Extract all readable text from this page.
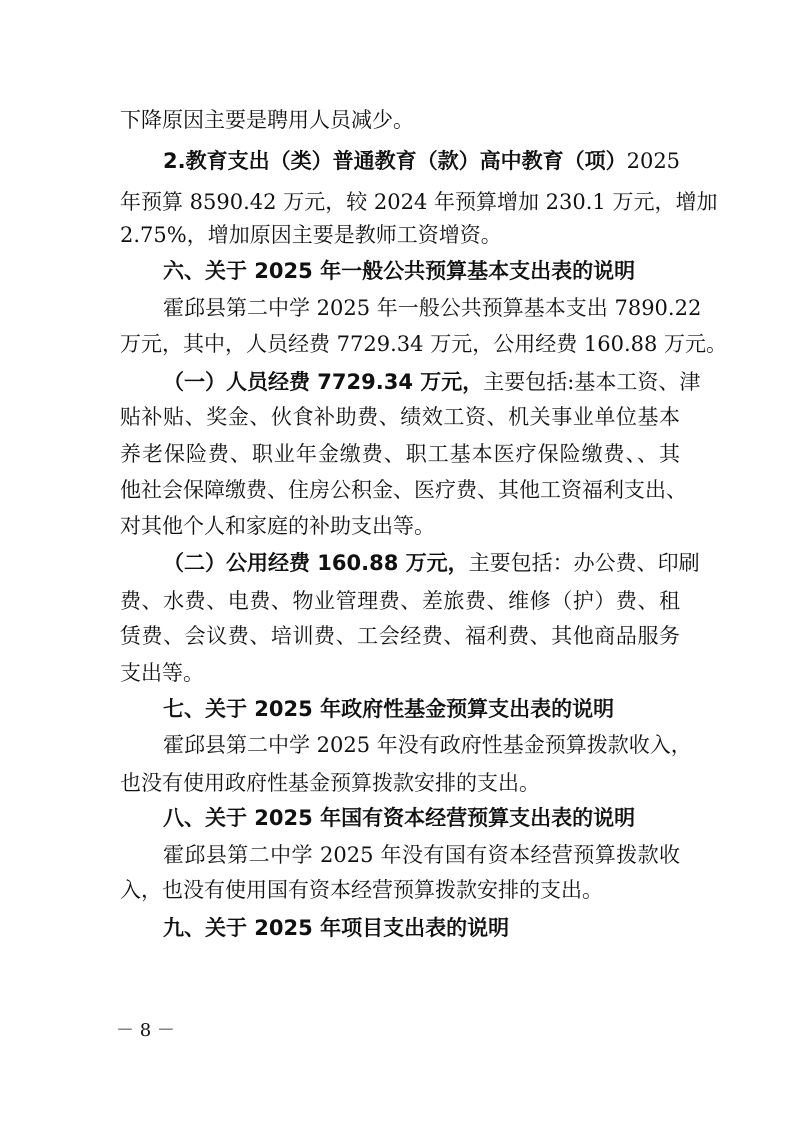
下降原因主要是聘用人员减少。
2.教育支出（类）普通教育（款）高中教育（项）2025
年预算 8590.42 万元，较 2024 年预算增加 230.1 万元，增加
2.75%，增加原因主要是教师工资增资。
六、关于 2025 年一般公共预算基本支出表的说明
霍邱县第二中学 2025 年一般公共预算基本支出 7890.22
万元，其中，人员经费 7729.34 万元，公用经费 160.88 万元。
（一）人员经费 7729.34 万元，主要包括:基本工资、津
贴补贴、奖金、伙食补助费、绩效工资、机关事业单位基本
养老保险费、职业年金缴费、职工基本医疗保险缴费、、其
他社会保障缴费、住房公积金、医疗费、其他工资福利支出、
对其他个人和家庭的补助支出等。
（二）公用经费 160.88 万元，主要包括：办公费、印刷
费、水费、电费、物业管理费、差旅费、维修（护）费、租
赁费、会议费、培训费、工会经费、福利费、其他商品服务
支出等。
七、关于 2025 年政府性基金预算支出表的说明
霍邱县第二中学 2025 年没有政府性基金预算拨款收入，
也没有使用政府性基金预算拨款安排的支出。
八、关于 2025 年国有资本经营预算支出表的说明
霍邱县第二中学 2025 年没有国有资本经营预算拨款收
入，也没有使用国有资本经营预算拨款安排的支出。
九、关于 2025 年项目支出表的说明
－ 8 －
